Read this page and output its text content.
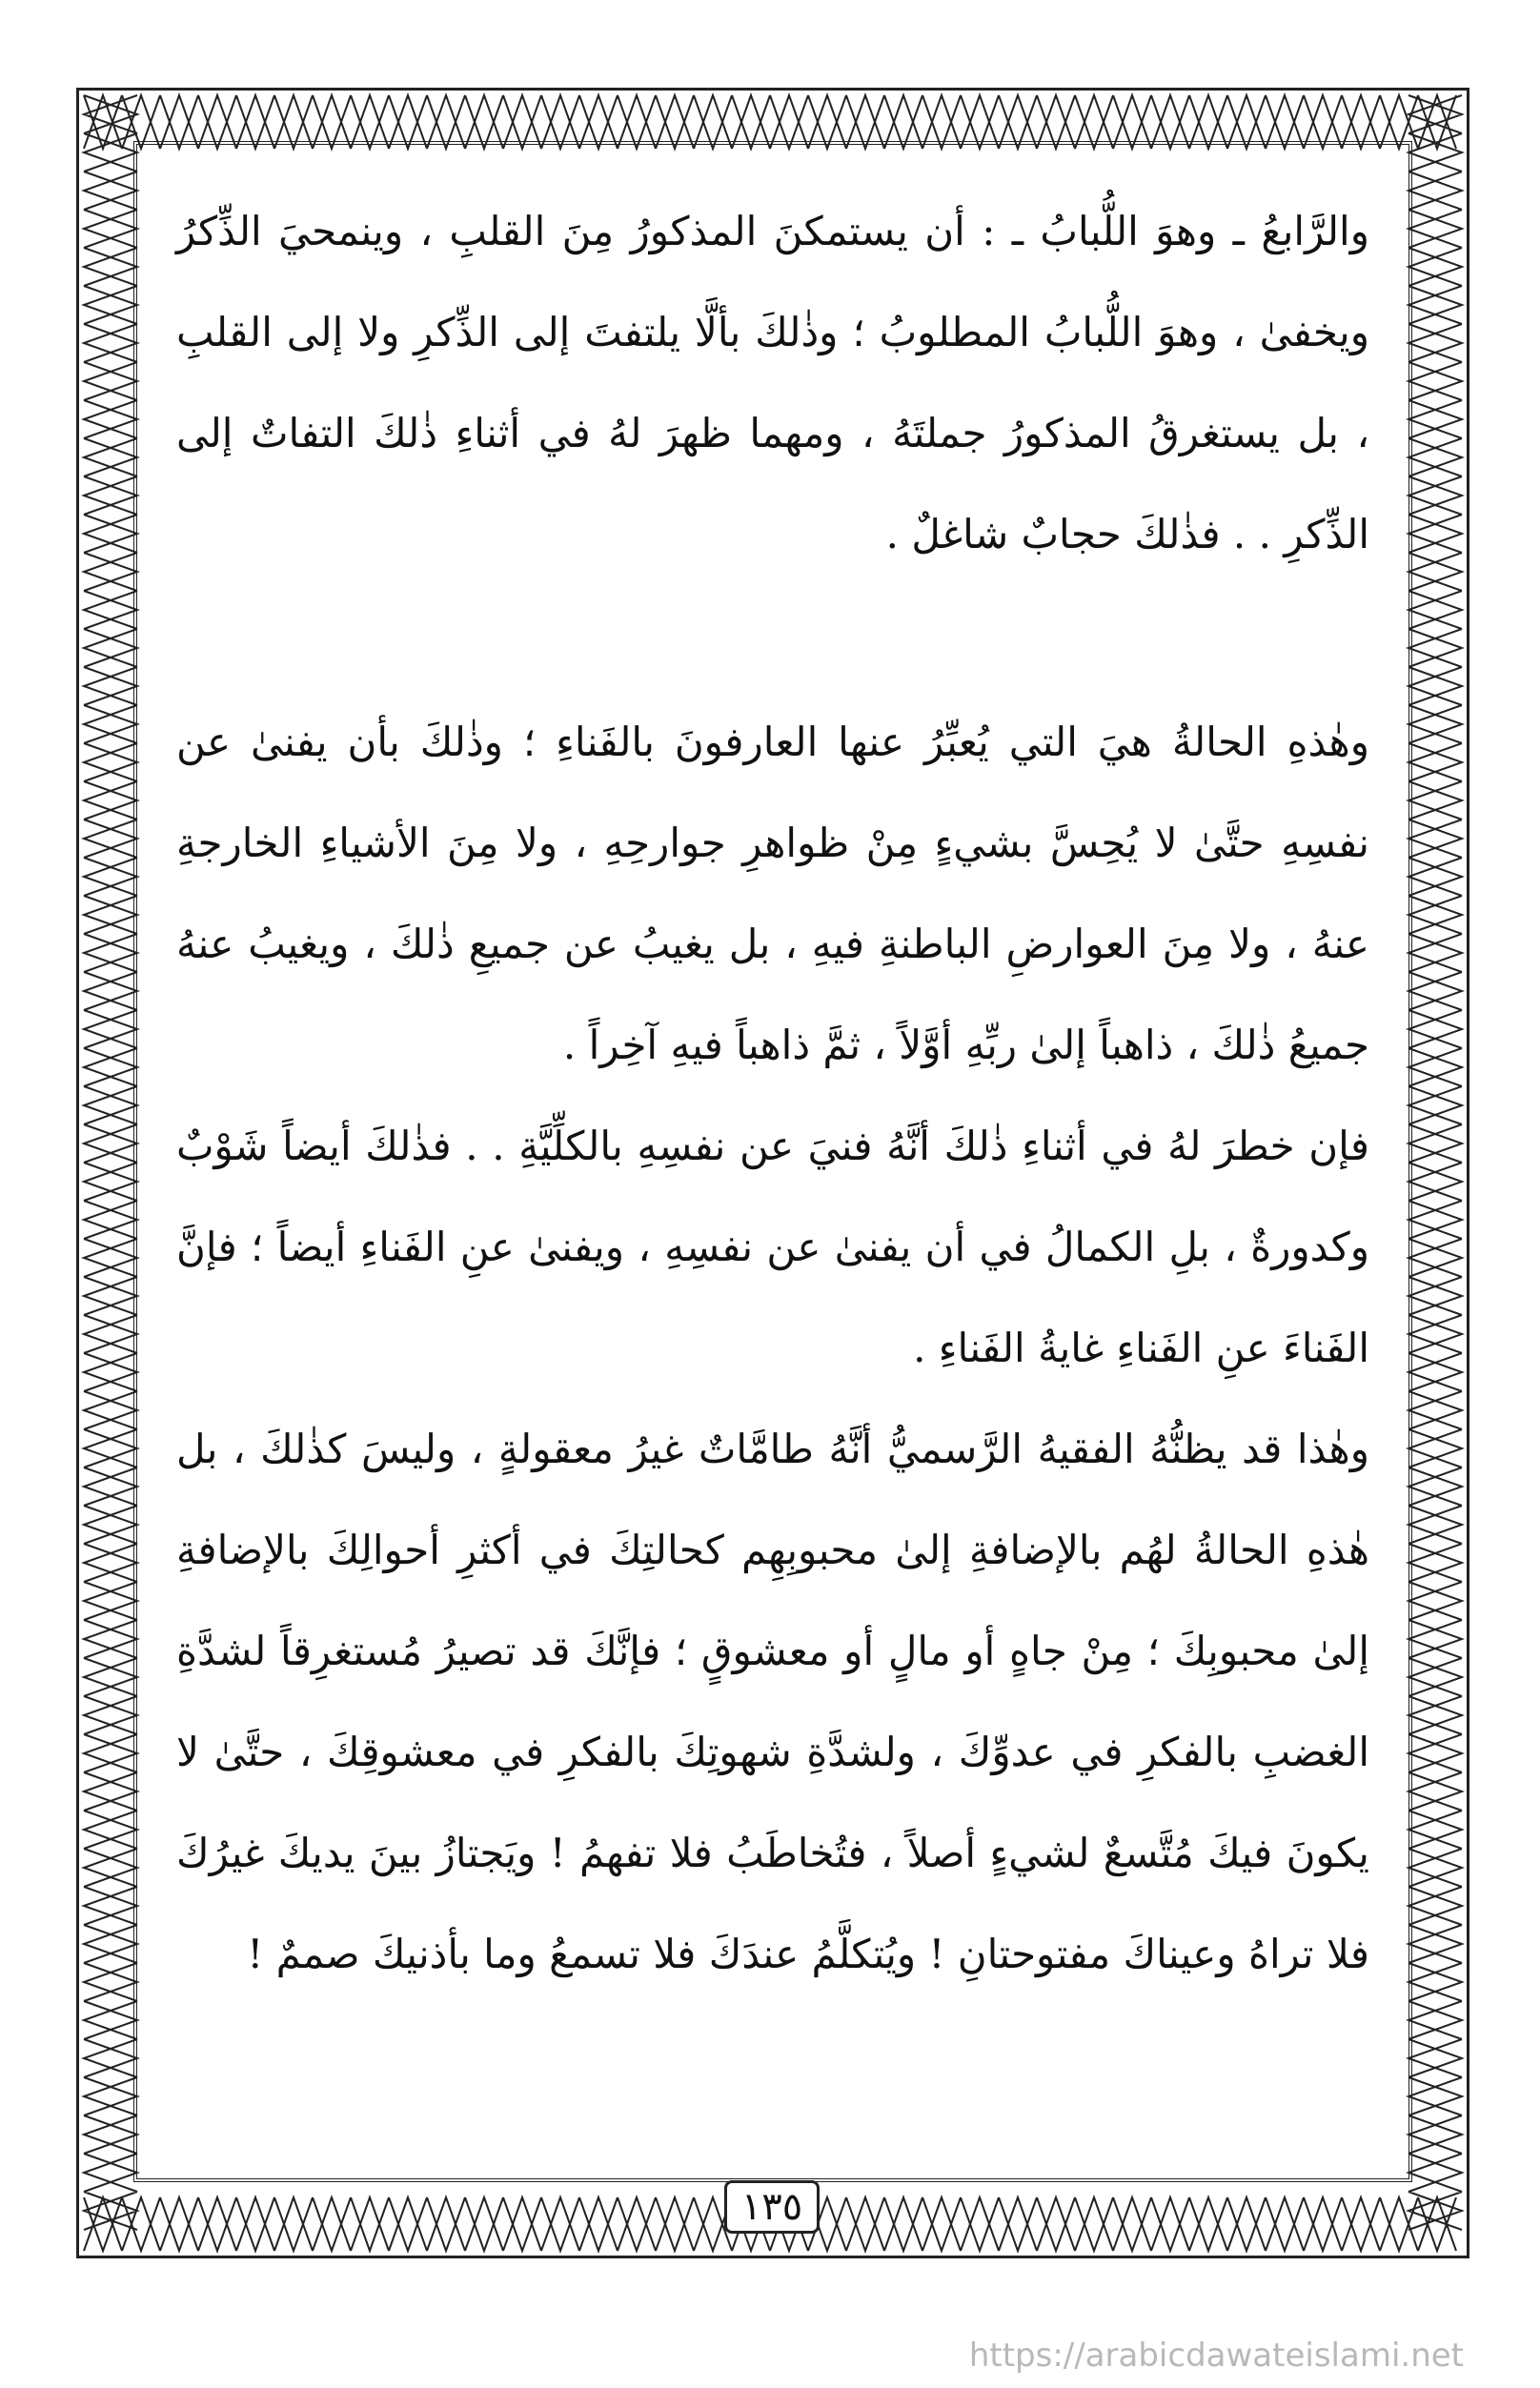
والرَّابعُ ـ وهوَ اللُّبابُ ـ : أن يستمكنَ المذكورُ مِنَ القلبِ ، وينمحيَ الذِّكرُ ويخفىٰ ، وهوَ اللُّبابُ المطلوبُ ؛ وذٰلكَ بألَّا يلتفتَ إلى الذِّكرِ ولا إلى القلبِ ، بل يستغرقُ المذكورُ جملتَهُ ، ومهما ظهرَ لهُ في أثناءِ ذٰلكَ التفاتٌ إلى الذِّكرِ . . فذٰلكَ حجابٌ شاغلٌ .

وهٰذهِ الحالةُ هيَ التي يُعبِّرُ عنها العارفونَ بالفَناءِ ؛ وذٰلكَ بأن يفنىٰ عن نفسِهِ حتَّىٰ لا يُحِسَّ بشيءٍ مِنْ ظواهرِ جوارحِهِ ، ولا مِنَ الأشياءِ الخارجةِ عنهُ ، ولا مِنَ العوارضِ الباطنةِ فيهِ ، بل يغيبُ عن جميعِ ذٰلكَ ، ويغيبُ عنهُ جميعُ ذٰلكَ ، ذاهباً إلىٰ ربِّهِ أوَّلاً ، ثمَّ ذاهباً فيهِ آخِراً .

فإن خطرَ لهُ في أثناءِ ذٰلكَ أنَّهُ فنيَ عن نفسِهِ بالكلِّيَّةِ . . فذٰلكَ أيضاً شَوْبٌ وكدورةٌ ، بلِ الكمالُ في أن يفنىٰ عن نفسِهِ ، ويفنىٰ عنِ الفَناءِ أيضاً ؛ فإنَّ الفَناءَ عنِ الفَناءِ غايةُ الفَناءِ .

وهٰذا قد يظنُّهُ الفقيهُ الرَّسميُّ أنَّهُ طامَّاتٌ غيرُ معقولةٍ ، وليسَ كذٰلكَ ، بل هٰذهِ الحالةُ لهُم بالإضافةِ إلىٰ محبوبِهِم كحالتِكَ في أكثرِ أحوالِكَ بالإضافةِ إلىٰ محبوبِكَ ؛ مِنْ جاهٍ أو مالٍ أو معشوقٍ ؛ فإنَّكَ قد تصيرُ مُستغرِقاً لشدَّةِ الغضبِ بالفكرِ في عدوِّكَ ، ولشدَّةِ شهوتِكَ بالفكرِ في معشوقِكَ ، حتَّىٰ لا يكونَ فيكَ مُتَّسعٌ لشيءٍ أصلاً ، فتُخاطَبُ فلا تفهمُ ! ويَجتازُ بينَ يديكَ غيرُكَ فلا تراهُ وعيناكَ مفتوحتانِ ! ويُتكلَّمُ عندَكَ فلا تسمعُ وما بأذنيكَ صممٌ !

١٣٥
https://arabicdawateislami.net
